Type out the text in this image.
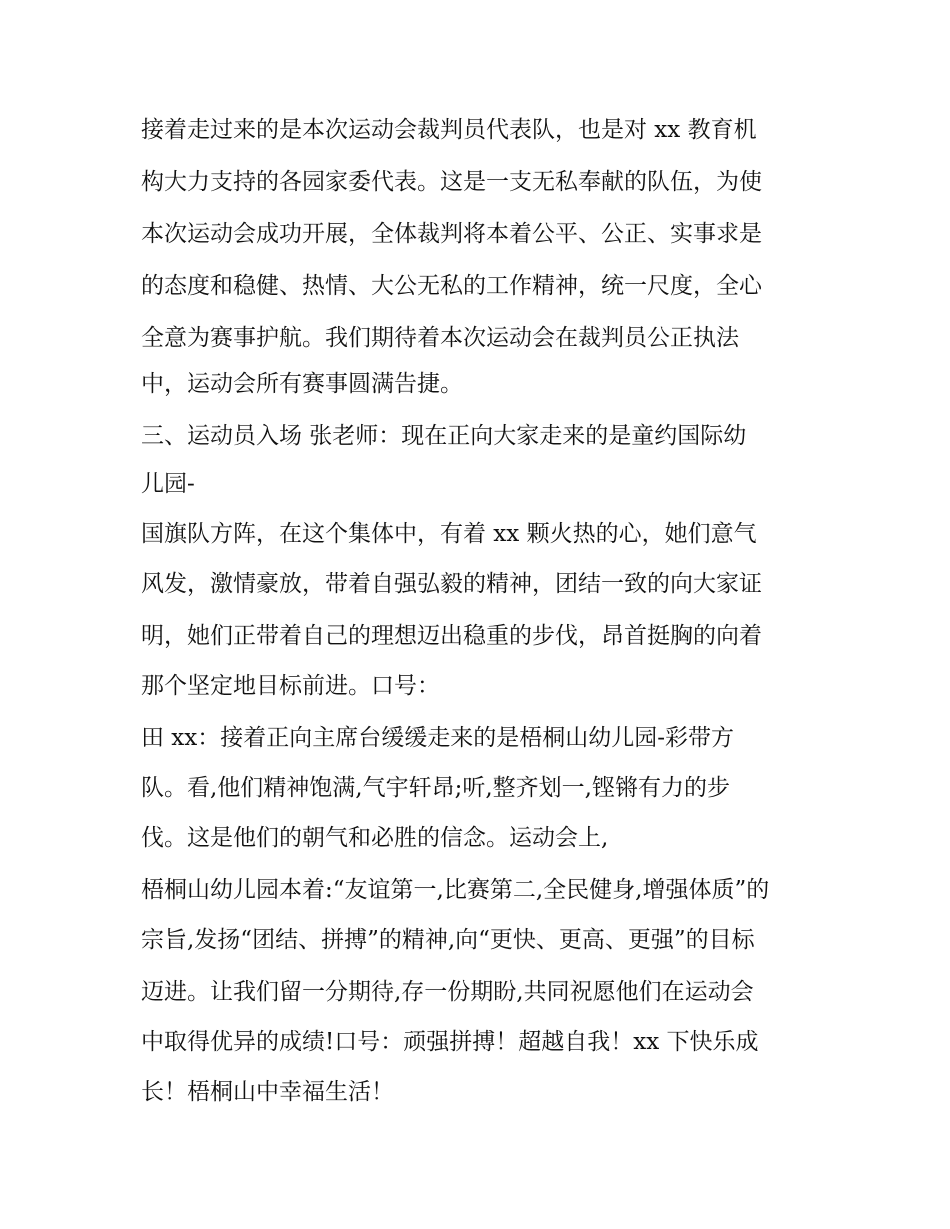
接着走过来的是本次运动会裁判员代表队，也是对 xx 教育机

构大力支持的各园家委代表。这是一支无私奉献的队伍，为使

本次运动会成功开展，全体裁判将本着公平、公正、实事求是

的态度和稳健、热情、大公无私的工作精神，统一尺度，全心

全意为赛事护航。我们期待着本次运动会在裁判员公正执法

中，运动会所有赛事圆满告捷。

三、运动员入场 张老师：现在正向大家走来的是童约国际幼

儿园-

国旗队方阵，在这个集体中，有着 xx 颗火热的心，她们意气

风发，激情豪放，带着自强弘毅的精神，团结一致的向大家证

明，她们正带着自己的理想迈出稳重的步伐，昂首挺胸的向着

那个坚定地目标前进。口号：

田 xx：接着正向主席台缓缓走来的是梧桐山幼儿园-彩带方

队。看,他们精神饱满,气宇轩昂;听,整齐划一,铿锵有力的步

伐。这是他们的朝气和必胜的信念。运动会上,

梧桐山幼儿园本着:“友谊第一,比赛第二,全民健身,增强体质”的

宗旨,发扬“团结、拼搏”的精神,向“更快、更高、更强”的目标

迈进。让我们留一分期待,存一份期盼,共同祝愿他们在运动会

中取得优异的成绩!口号：顽强拼搏！超越自我！xx 下快乐成

长！梧桐山中幸福生活！
